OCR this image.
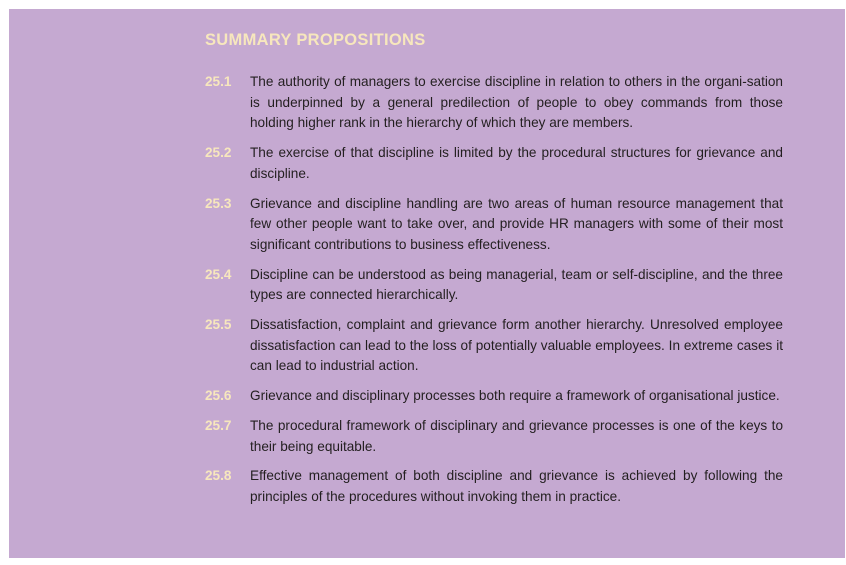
SUMMARY PROPOSITIONS
25.1 The authority of managers to exercise discipline in relation to others in the organi-sation is underpinned by a general predilection of people to obey commands from those holding higher rank in the hierarchy of which they are members.
25.2 The exercise of that discipline is limited by the procedural structures for grievance and discipline.
25.3 Grievance and discipline handling are two areas of human resource management that few other people want to take over, and provide HR managers with some of their most significant contributions to business effectiveness.
25.4 Discipline can be understood as being managerial, team or self-discipline, and the three types are connected hierarchically.
25.5 Dissatisfaction, complaint and grievance form another hierarchy. Unresolved employee dissatisfaction can lead to the loss of potentially valuable employees. In extreme cases it can lead to industrial action.
25.6 Grievance and disciplinary processes both require a framework of organisational justice.
25.7 The procedural framework of disciplinary and grievance processes is one of the keys to their being equitable.
25.8 Effective management of both discipline and grievance is achieved by following the principles of the procedures without invoking them in practice.
